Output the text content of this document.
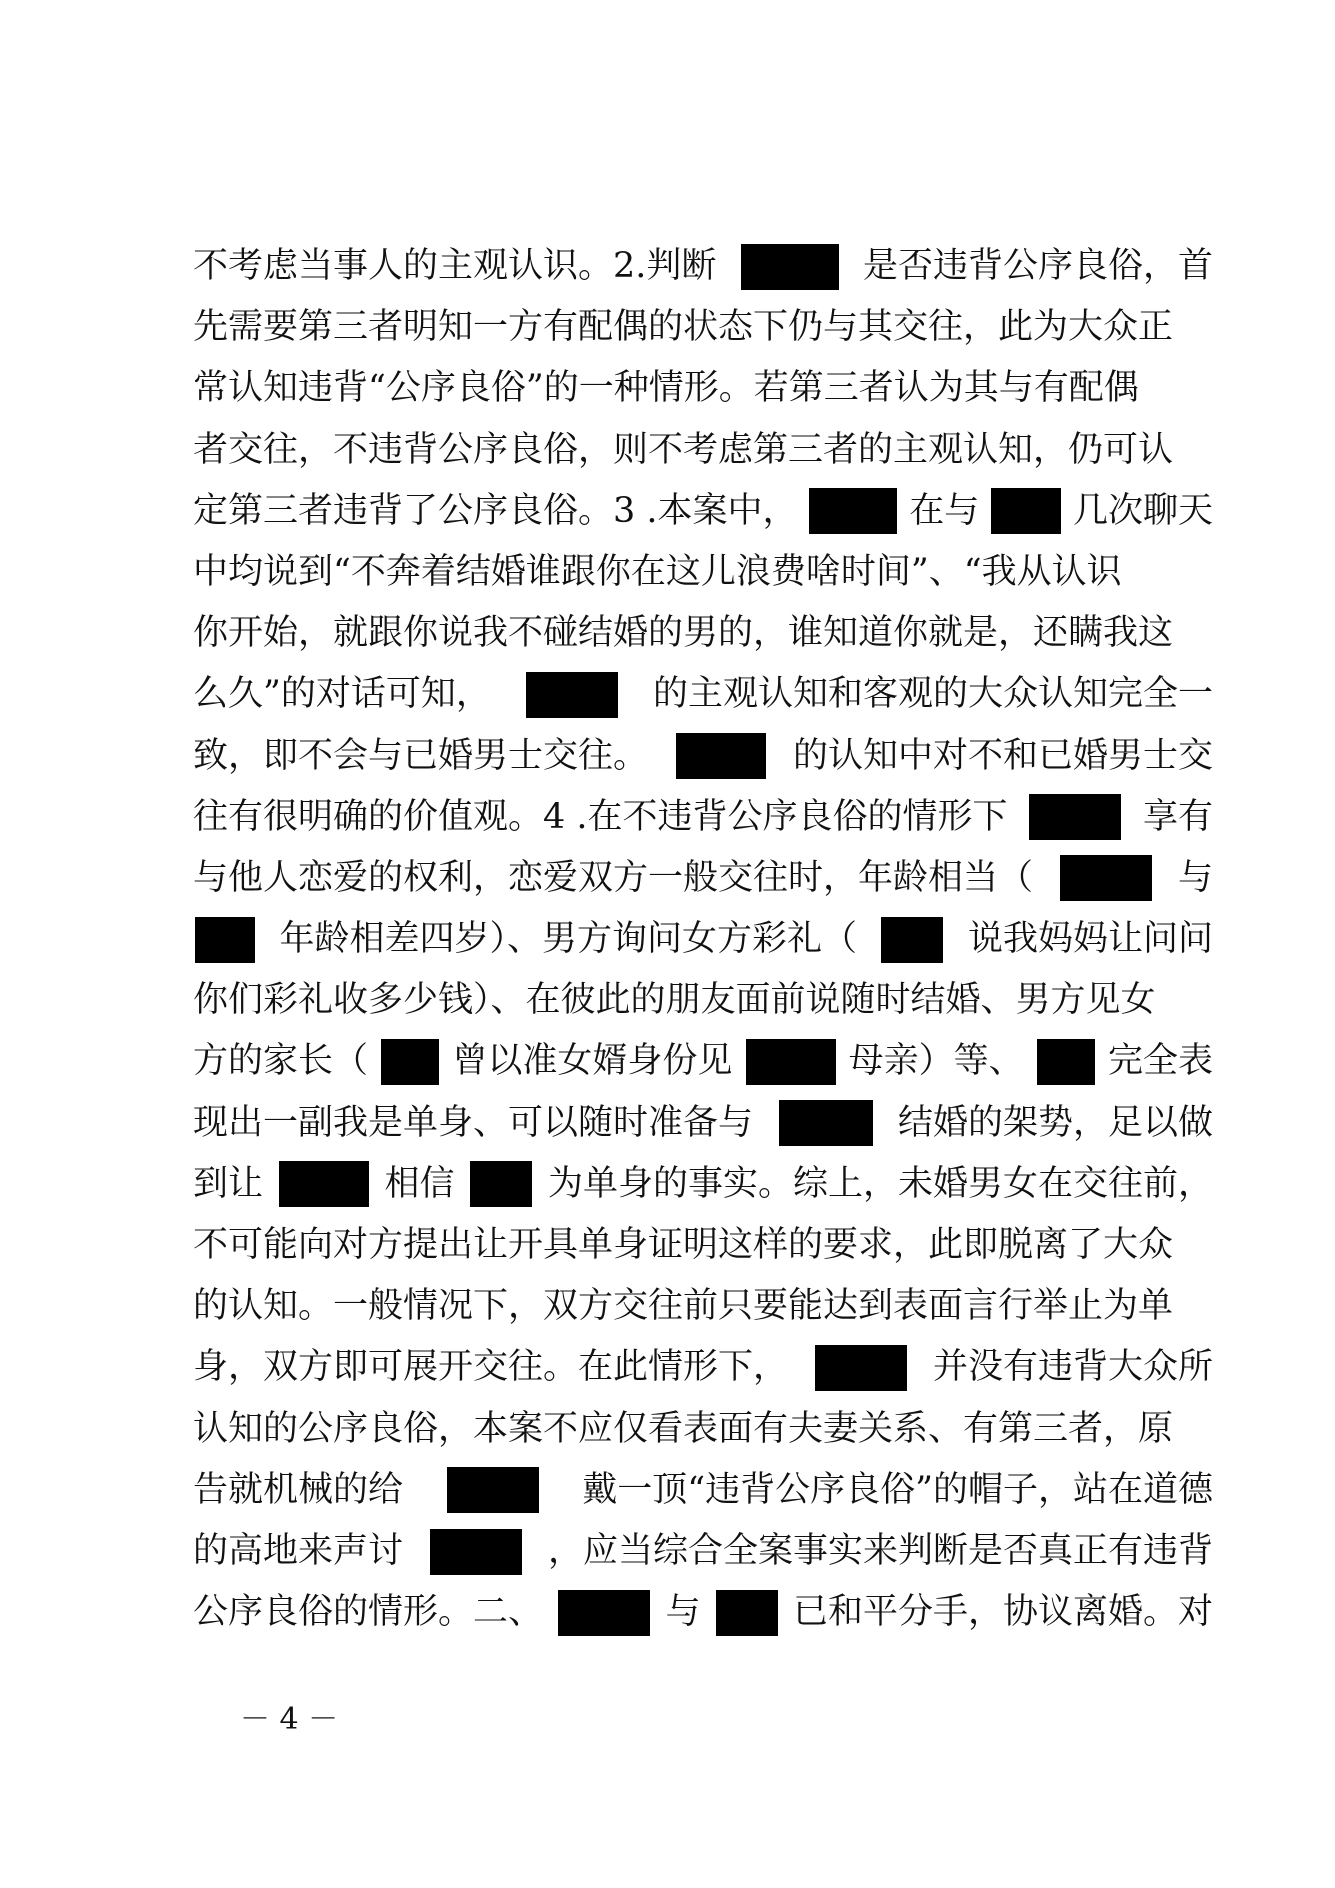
不考虑当事人的主观认识。2.判断	是否违背公序良俗，首
先需要第三者明知一方有配偶的状态下仍与其交往，此为大众正
常认知违背“公序良俗”的一种情形。若第三者认为其与有配偶
者交往，不违背公序良俗，则不考虑第三者的主观认知，仍可认
定第三者违背了公序良俗。3 .本案中，	在与	几次聊天
中均说到“不奔着结婚谁跟你在这儿浪费啥时间”、“我从认识
你开始，就跟你说我不碰结婚的男的，谁知道你就是，还瞒我这
么久”的对话可知，	的主观认知和客观的大众认知完全一
致，即不会与已婚男士交往。	的认知中对不和已婚男士交
往有很明确的价值观。4 .在不违背公序良俗的情形下	享有
与他人恋爱的权利，恋爱双方一般交往时，年龄相当（	与
年龄相差四岁）、男方询问女方彩礼（	说我妈妈让问问
你们彩礼收多少钱）、在彼此的朋友面前说随时结婚、男方见女
方的家长（ 曾以准女婿身份见	母亲）等、 完全表
现出一副我是单身、可以随时准备与	结婚的架势，足以做
到让	相信	为单身的事实。综上，未婚男女在交往前，
不可能向对方提出让开具单身证明这样的要求，此即脱离了大众
的认知。一般情况下，双方交往前只要能达到表面言行举止为单
身，双方即可展开交往。在此情形下，	并没有违背大众所
认知的公序良俗，本案不应仅看表面有夫妻关系、有第三者，原
告就机械的给	戴一顶“违背公序良俗”的帽子，站在道德
的高地来声讨	，应当综合全案事实来判断是否真正有违背
公序良俗的情形。二、	与	已和平分手，协议离婚。对
－ 4 －
